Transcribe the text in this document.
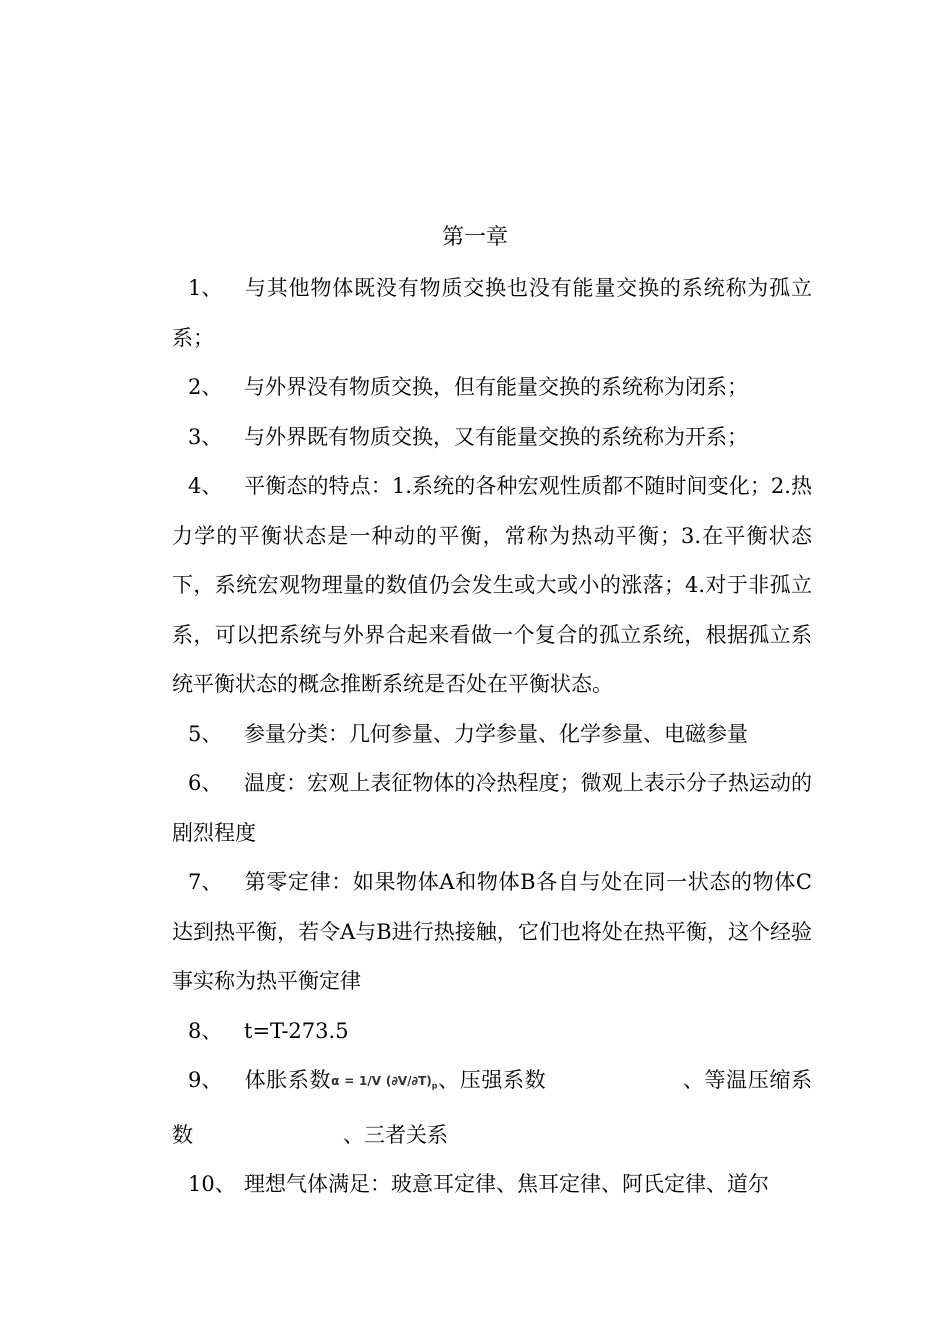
第一章

1、 与其他物体既没有物质交换也没有能量交换的系统称为孤立系；

2、 与外界没有物质交换，但有能量交换的系统称为闭系；

3、 与外界既有物质交换，又有能量交换的系统称为开系；

4、 平衡态的特点：1.系统的各种宏观性质都不随时间变化；2.热力学的平衡状态是一种动的平衡，常称为热动平衡；3.在平衡状态下，系统宏观物理量的数值仍会发生或大或小的涨落；4.对于非孤立系，可以把系统与外界合起来看做一个复合的孤立系统，根据孤立系统平衡状态的概念推断系统是否处在平衡状态。

5、 参量分类：几何参量、力学参量、化学参量、电磁参量

6、 温度：宏观上表征物体的冷热程度；微观上表示分子热运动的剧烈程度

7、 第零定律：如果物体A和物体B各自与处在同一状态的物体C达到热平衡，若令A与B进行热接触，它们也将处在热平衡，这个经验事实称为热平衡定律

8、 t=T-273.5

9、 体胀系数α = 1/V $(\partial V/\partial T)_p$、压强系数	、等温压缩系数	、三者关系

10、 理想气体满足：玻意耳定律、焦耳定律、阿氏定律、道尔
